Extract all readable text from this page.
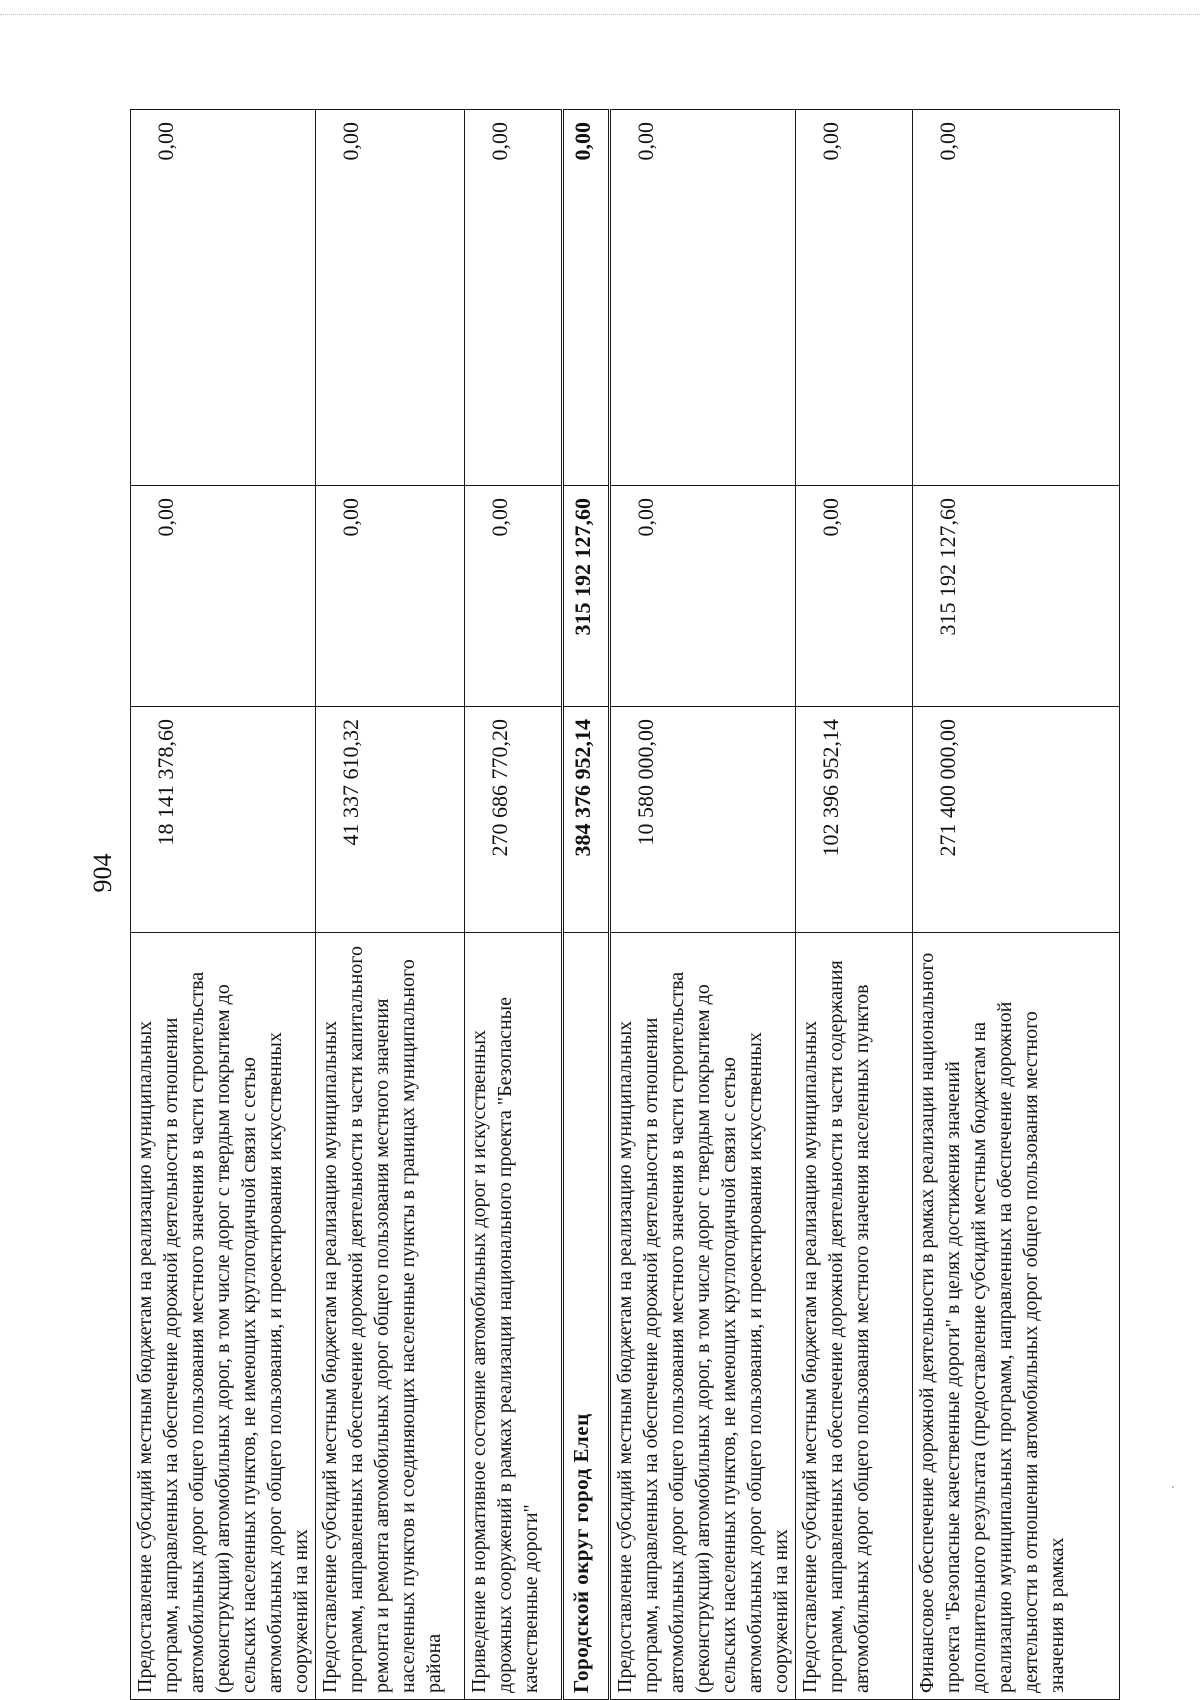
904
Предоставление субсидий местным бюджетам на реализацию муниципальных программ, направленных на обеспечение дорожной деятельности в отношении автомобильных дорог общего пользования местного значения в части строительства (реконструкции) автомобильных дорог, в том числе дорог с твердым покрытием до сельских населенных пунктов, не имеющих круглогодичной связи с сетью автомобильных дорог общего пользования, и проектирования искусственных сооружений на них	18 141 378,60	0,00	0,00
Предоставление субсидий местным бюджетам на реализацию муниципальных программ, направленных на обеспечение дорожной деятельности в части капитального ремонта и ремонта автомобильных дорог общего пользования местного значения населенных пунктов и соединяющих населенные пункты в границах муниципального района	41 337 610,32	0,00	0,00
Приведение в нормативное состояние автомобильных дорог и искусственных дорожных сооружений в рамках реализации национального проекта "Безопасные качественные дороги"	270 686 770,20	0,00	0,00
Городской округ город Елец	384 376 952,14	315 192 127,60	0,00
Предоставление субсидий местным бюджетам на реализацию муниципальных программ, направленных на обеспечение дорожной деятельности в отношении автомобильных дорог общего пользования местного значения в части строительства (реконструкции) автомобильных дорог, в том числе дорог с твердым покрытием до сельских населенных пунктов, не имеющих круглогодичной связи с сетью автомобильных дорог общего пользования, и проектирования искусственных сооружений на них	10 580 000,00	0,00	0,00
Предоставление субсидий местным бюджетам на реализацию муниципальных программ, направленных на обеспечение дорожной деятельности в части содержания автомобильных дорог общего пользования местного значения населенных пунктов	102 396 952,14	0,00	0,00
Финансовое обеспечение дорожной деятельности в рамках реализации национального проекта "Безопасные качественные дороги" в целях достижения значений дополнительного результата (предоставление субсидий местным бюджетам на реализацию муниципальных программ, направленных на обеспечение дорожной деятельности в отношении автомобильных дорог общего пользования местного значения в рамках	271 400 000,00	315 192 127,60	0,00
